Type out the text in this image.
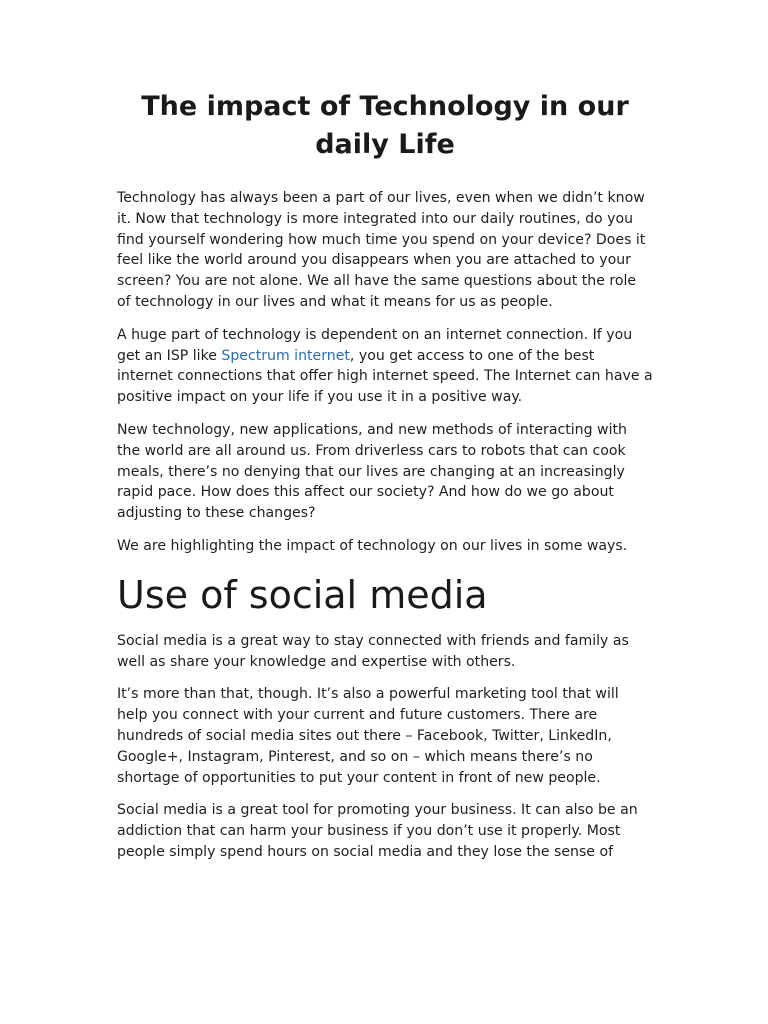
The impact of Technology in our daily Life

Technology has always been a part of our lives, even when we didn’t know it. Now that technology is more integrated into our daily routines, do you find yourself wondering how much time you spend on your device? Does it feel like the world around you disappears when you are attached to your screen? You are not alone. We all have the same questions about the role of technology in our lives and what it means for us as people.

A huge part of technology is dependent on an internet connection. If you get an ISP like Spectrum internet, you get access to one of the best internet connections that offer high internet speed. The Internet can have a positive impact on your life if you use it in a positive way.

New technology, new applications, and new methods of interacting with the world are all around us. From driverless cars to robots that can cook meals, there’s no denying that our lives are changing at an increasingly rapid pace. How does this affect our society? And how do we go about adjusting to these changes?

We are highlighting the impact of technology on our lives in some ways.

Use of social media

Social media is a great way to stay connected with friends and family as well as share your knowledge and expertise with others.

It’s more than that, though. It’s also a powerful marketing tool that will help you connect with your current and future customers. There are hundreds of social media sites out there – Facebook, Twitter, LinkedIn, Google+, Instagram, Pinterest, and so on – which means there’s no shortage of opportunities to put your content in front of new people.

Social media is a great tool for promoting your business. It can also be an addiction that can harm your business if you don’t use it properly. Most people simply spend hours on social media and they lose the sense of
